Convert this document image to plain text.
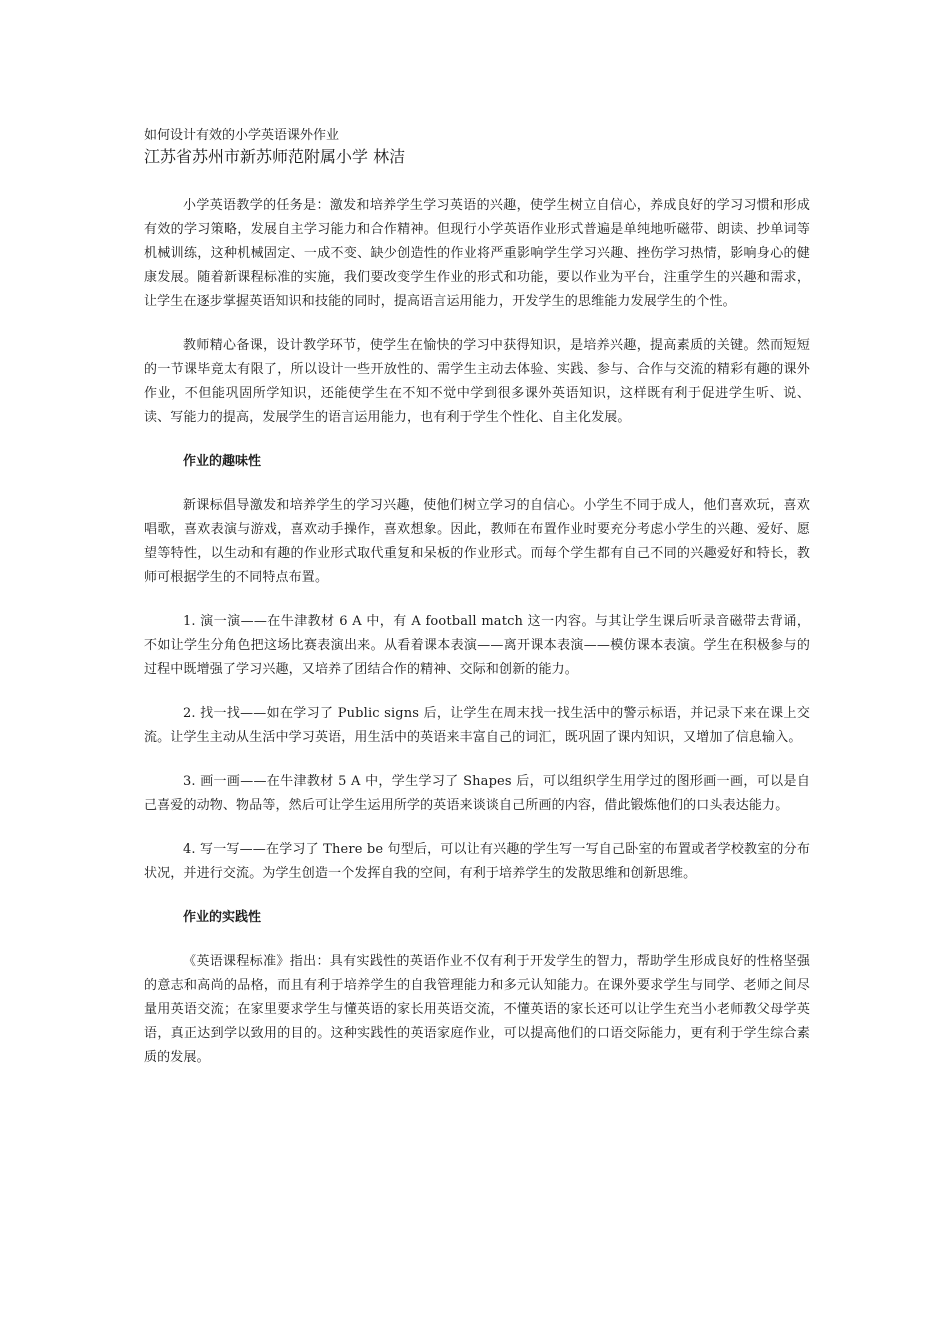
如何设计有效的小学英语课外作业

江苏省苏州市新苏师范附属小学 林洁

小学英语教学的任务是：激发和培养学生学习英语的兴趣，使学生树立自信心，养成良好的学习习惯和形成有效的学习策略，发展自主学习能力和合作精神。但现行小学英语作业形式普遍是单纯地听磁带、朗读、抄单词等机械训练，这种机械固定、一成不变、缺少创造性的作业将严重影响学生学习兴趣、挫伤学习热情，影响身心的健康发展。随着新课程标准的实施，我们要改变学生作业的形式和功能，要以作业为平台，注重学生的兴趣和需求，让学生在逐步掌握英语知识和技能的同时，提高语言运用能力，开发学生的思维能力发展学生的个性。

教师精心备课，设计教学环节，使学生在愉快的学习中获得知识，是培养兴趣，提高素质的关键。然而短短的一节课毕竟太有限了，所以设计一些开放性的、需学生主动去体验、实践、参与、合作与交流的精彩有趣的课外作业，不但能巩固所学知识，还能使学生在不知不觉中学到很多课外英语知识，这样既有利于促进学生听、说、读、写能力的提高，发展学生的语言运用能力，也有利于学生个性化、自主化发展。

作业的趣味性

新课标倡导激发和培养学生的学习兴趣，使他们树立学习的自信心。小学生不同于成人，他们喜欢玩，喜欢唱歌，喜欢表演与游戏，喜欢动手操作，喜欢想象。因此，教师在布置作业时要充分考虑小学生的兴趣、爱好、愿望等特性，以生动和有趣的作业形式取代重复和呆板的作业形式。而每个学生都有自己不同的兴趣爱好和特长，教师可根据学生的不同特点布置。

1. 演一演——在牛津教材 6 A 中，有 A football match 这一内容。与其让学生课后听录音磁带去背诵，不如让学生分角色把这场比赛表演出来。从看着课本表演——离开课本表演——模仿课本表演。学生在积极参与的过程中既增强了学习兴趣，又培养了团结合作的精神、交际和创新的能力。

2. 找一找——如在学习了 Public signs 后，让学生在周末找一找生活中的警示标语，并记录下来在课上交流。让学生主动从生活中学习英语，用生活中的英语来丰富自己的词汇，既巩固了课内知识，又增加了信息输入。

3. 画一画——在牛津教材 5 A 中，学生学习了 Shapes 后，可以组织学生用学过的图形画一画，可以是自己喜爱的动物、物品等，然后可让学生运用所学的英语来谈谈自己所画的内容，借此锻炼他们的口头表达能力。

4. 写一写——在学习了 There be 句型后，可以让有兴趣的学生写一写自己卧室的布置或者学校教室的分布状况，并进行交流。为学生创造一个发挥自我的空间，有利于培养学生的发散思维和创新思维。

作业的实践性

《英语课程标准》指出：具有实践性的英语作业不仅有利于开发学生的智力，帮助学生形成良好的性格坚强的意志和高尚的品格，而且有利于培养学生的自我管理能力和多元认知能力。在课外要求学生与同学、老师之间尽量用英语交流；在家里要求学生与懂英语的家长用英语交流，不懂英语的家长还可以让学生充当小老师教父母学英语，真正达到学以致用的目的。这种实践性的英语家庭作业，可以提高他们的口语交际能力，更有利于学生综合素质的发展。
